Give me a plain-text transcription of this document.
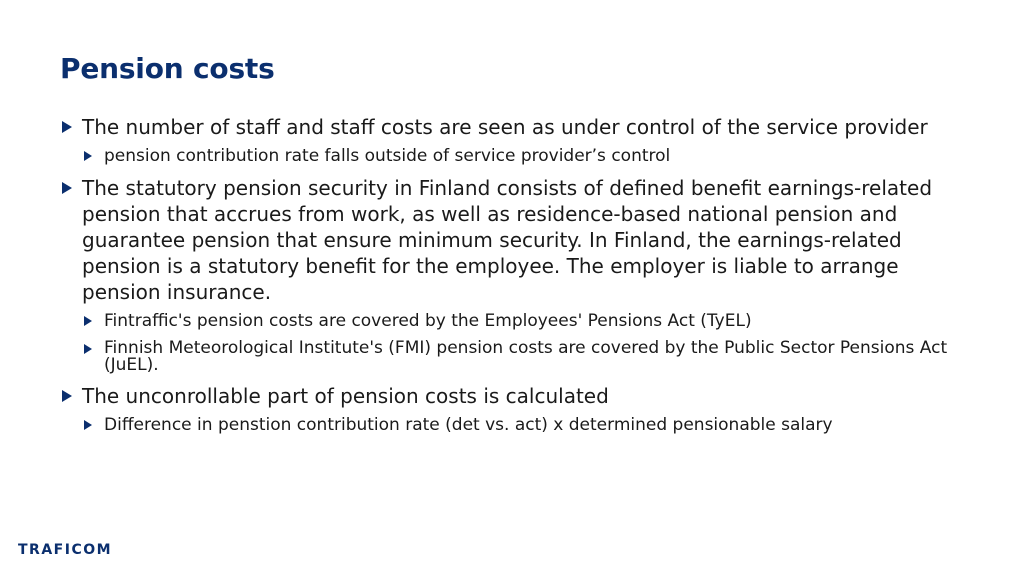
Pension costs

The number of staff and staff costs are seen as under control of the service provider

pension contribution rate falls outside of service provider’s control

The statutory pension security in Finland consists of defined benefit earnings-related pension that accrues from work, as well as residence-based national pension and guarantee pension that ensure minimum security. In Finland, the earnings-related pension is a statutory benefit for the employee. The employer is liable to arrange pension insurance.

Fintraffic's pension costs are covered by the Employees' Pensions Act (TyEL)

Finnish Meteorological Institute's (FMI) pension costs are covered by the Public Sector Pensions Act (JuEL).

The unconrollable part of pension costs is calculated

Difference in penstion contribution rate (det vs. act) x determined pensionable salary

TRAFICOM
